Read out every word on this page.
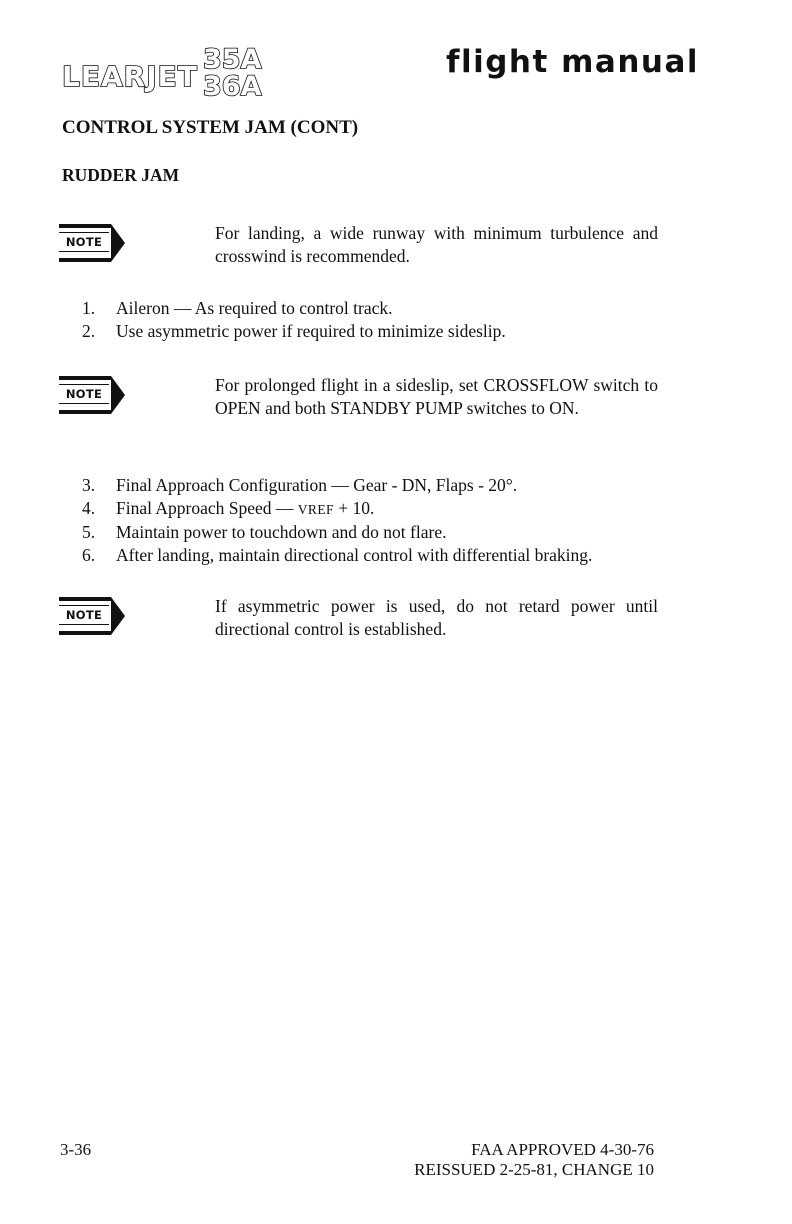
LEARJET
35A
36A
flight manual
CONTROL SYSTEM JAM (CONT)
RUDDER JAM
NOTE	For landing, a wide runway with minimum turbulence and crosswind is recommended.
1. Aileron — As required to control track.
2. Use asymmetric power if required to minimize sideslip.
NOTE	For prolonged flight in a sideslip, set CROSSFLOW switch to OPEN and both STANDBY PUMP switches to ON.
3. Final Approach Configuration — Gear - DN, Flaps - 20°.
4. Final Approach Speed — VREF + 10.
5. Maintain power to touchdown and do not flare.
6. After landing, maintain directional control with differential braking.
NOTE	If asymmetric power is used, do not retard power until directional control is established.
3-36	FAA APPROVED 4-30-76
REISSUED 2-25-81, CHANGE 10
